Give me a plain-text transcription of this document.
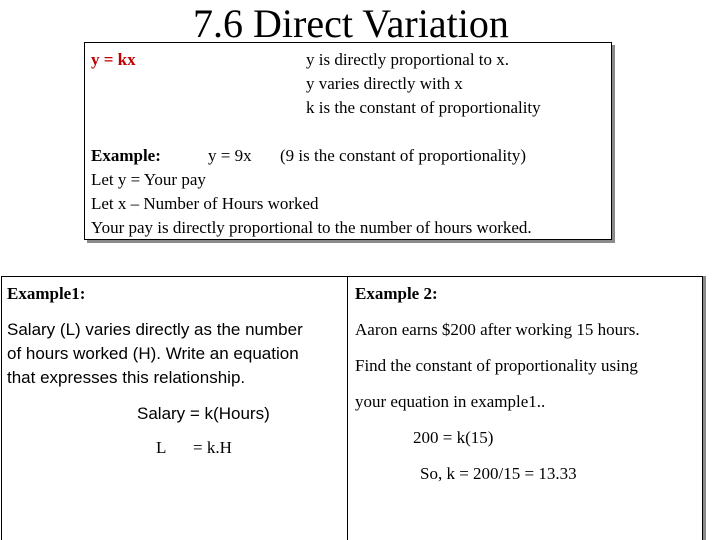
7.6 Direct Variation
y = kx	y is directly proportional to x.
y varies directly with x
k is the constant of proportionality
Example:	y = 9x (9 is the constant of proportionality)
Let y = Your pay
Let x – Number of Hours worked
Your pay is directly proportional to the number of hours worked.
Example1:
Salary (L) varies directly as the number
of hours worked (H). Write an equation
that expresses this relationship.
Salary = k(Hours)
L = k.H
Example 2:
Aaron earns $200 after working 15 hours.
Find the constant of proportionality using
your equation in example1..
200 = k(15)
So, k = 200/15 = 13.33
